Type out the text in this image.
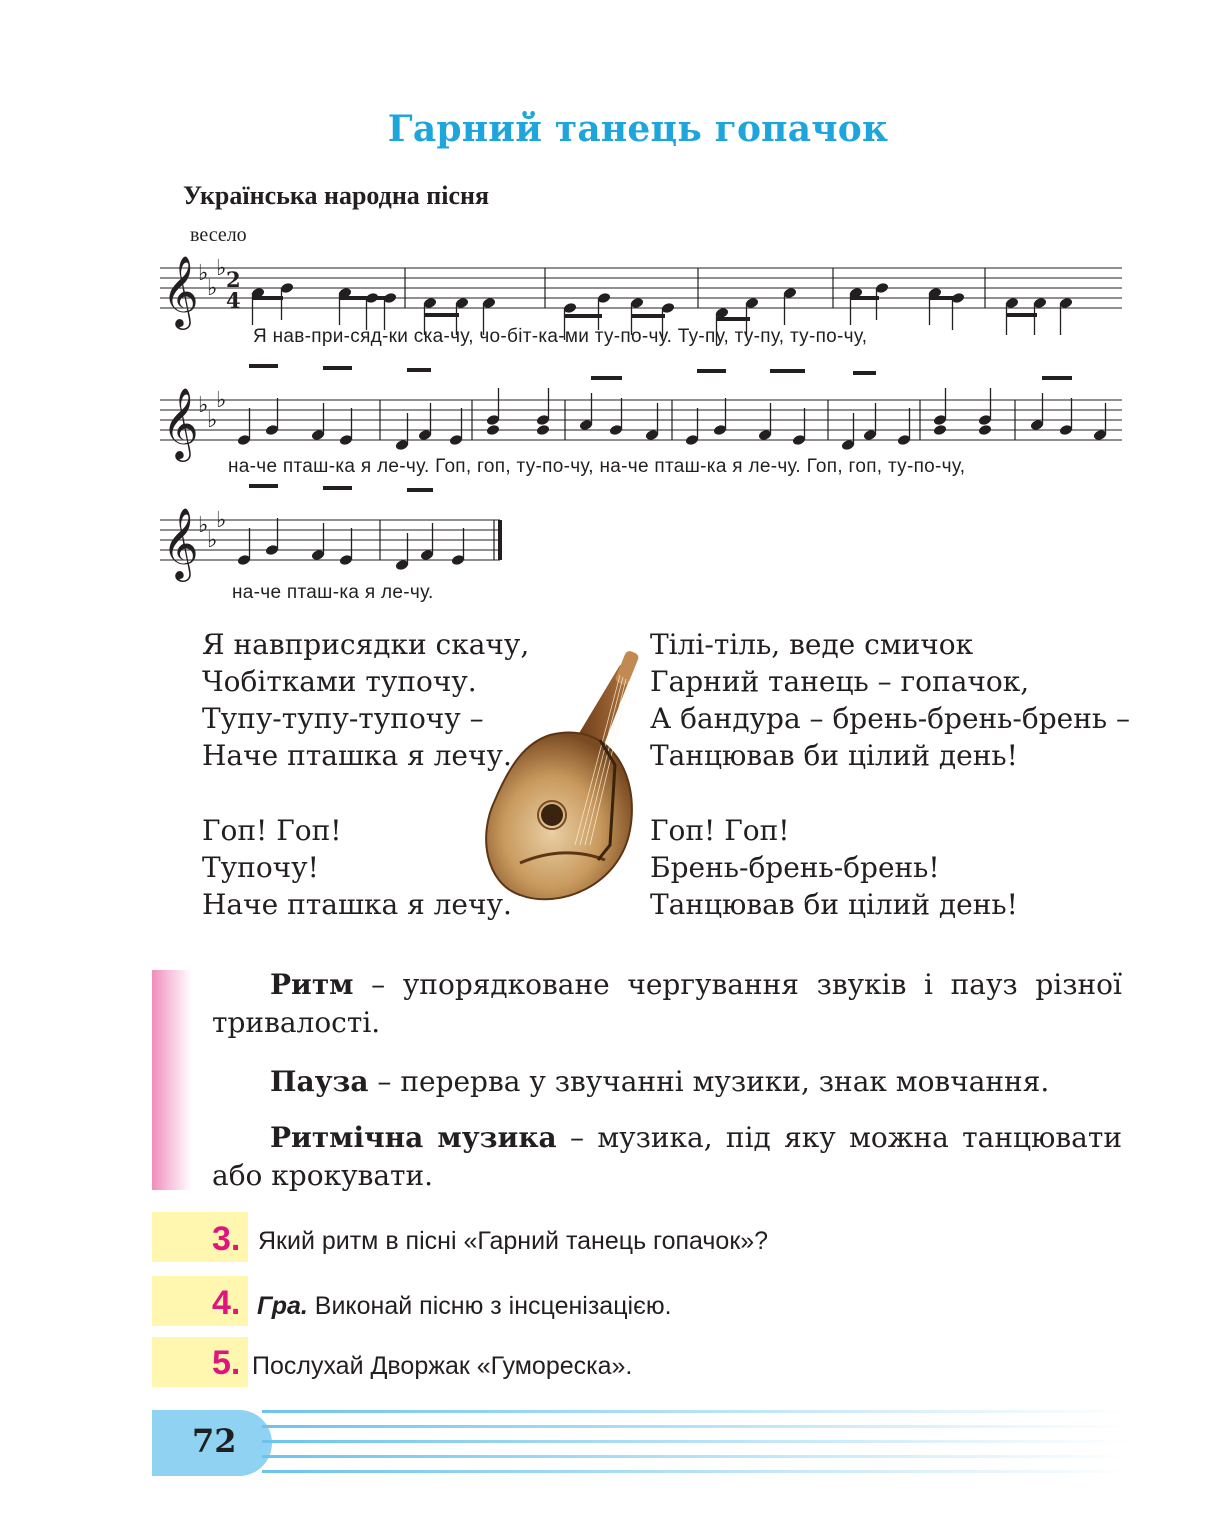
Гарний танець гопачок
Українська народна пісня
весело
𝄞 ♭
♭
♭ 2
4
𝄞 ♭
♭
♭
𝄞 ♭
♭
♭
Я нав-при-сяд-ки ска-чу, чо-біт-ка-ми ту-по-чу. Ту-пу, ту-пу, ту-по-чу,
на-че пташ-ка я ле-чу. Гоп, гоп, ту-по-чу, на-че пташ-ка я ле-чу. Гоп, гоп, ту-по-чу,
на-че пташ-ка я ле-чу.
Я навприсядки скачу,
Чобітками тупочу.
Тупу-тупу-тупочу –
Наче пташка я лечу.
Тілі-тіль, веде смичок
Гарний танець – гопачок,
А бандура – брень-брень-брень –
Танцював би цілий день!
Гоп! Гоп!
Тупочу!
Наче пташка я лечу.
Гоп! Гоп!
Брень-брень-брень!
Танцював би цілий день!
Ритм – упорядковане чергування звуків і пауз різної тривалості.
Пауза – перерва у звучанні музики, знак мовчання.
Ритмічна музика – музика, під яку можна танцювати або крокувати.
3. Який ритм в пісні «Гарний танець гопачок»?
4. Гра. Виконай пісню з інсценізацією.
5. Послухай Дворжак «Гумореска».
72
